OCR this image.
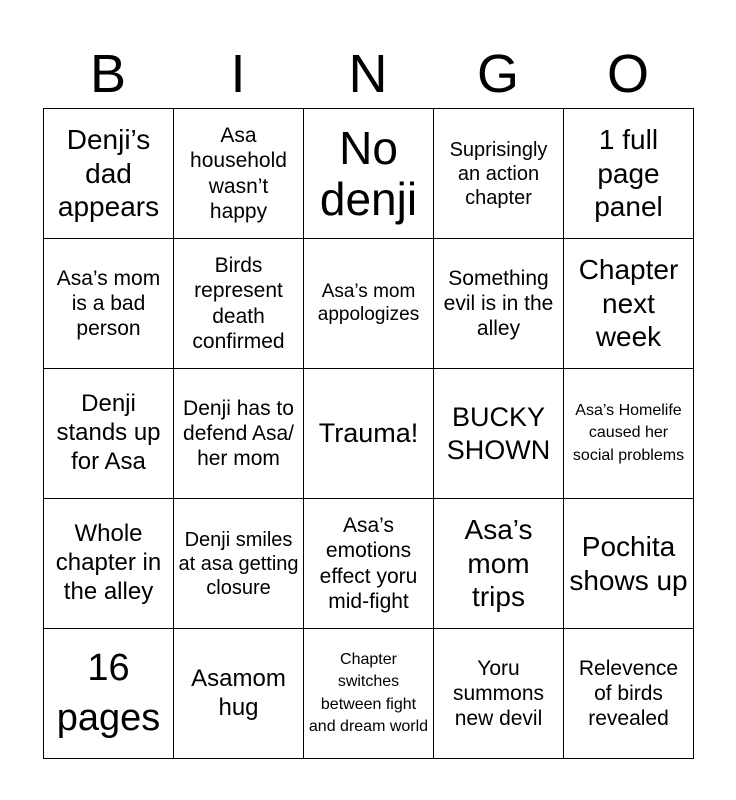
B	I	N	G	O
Denji’s dad appears	Asa household wasn’t happy	No denji	Suprisingly an action chapter	1 full page panel
Asa’s mom is a bad person	Birds represent death confirmed	Asa’s mom appologizes	Something evil is in the alley	Chapter next week
Denji stands up for Asa	Denji has to defend Asa/ her mom	Trauma!	BUCKY SHOWN	Asa’s Homelife caused her social problems
Whole chapter in the alley	Denji smiles at asa getting closure	Asa’s emotions effect yoru mid-fight	Asa’s mom trips	Pochita shows up
16 pages	Asamom hug	Chapter switches between fight and dream world	Yoru summons new devil	Relevence of birds revealed
